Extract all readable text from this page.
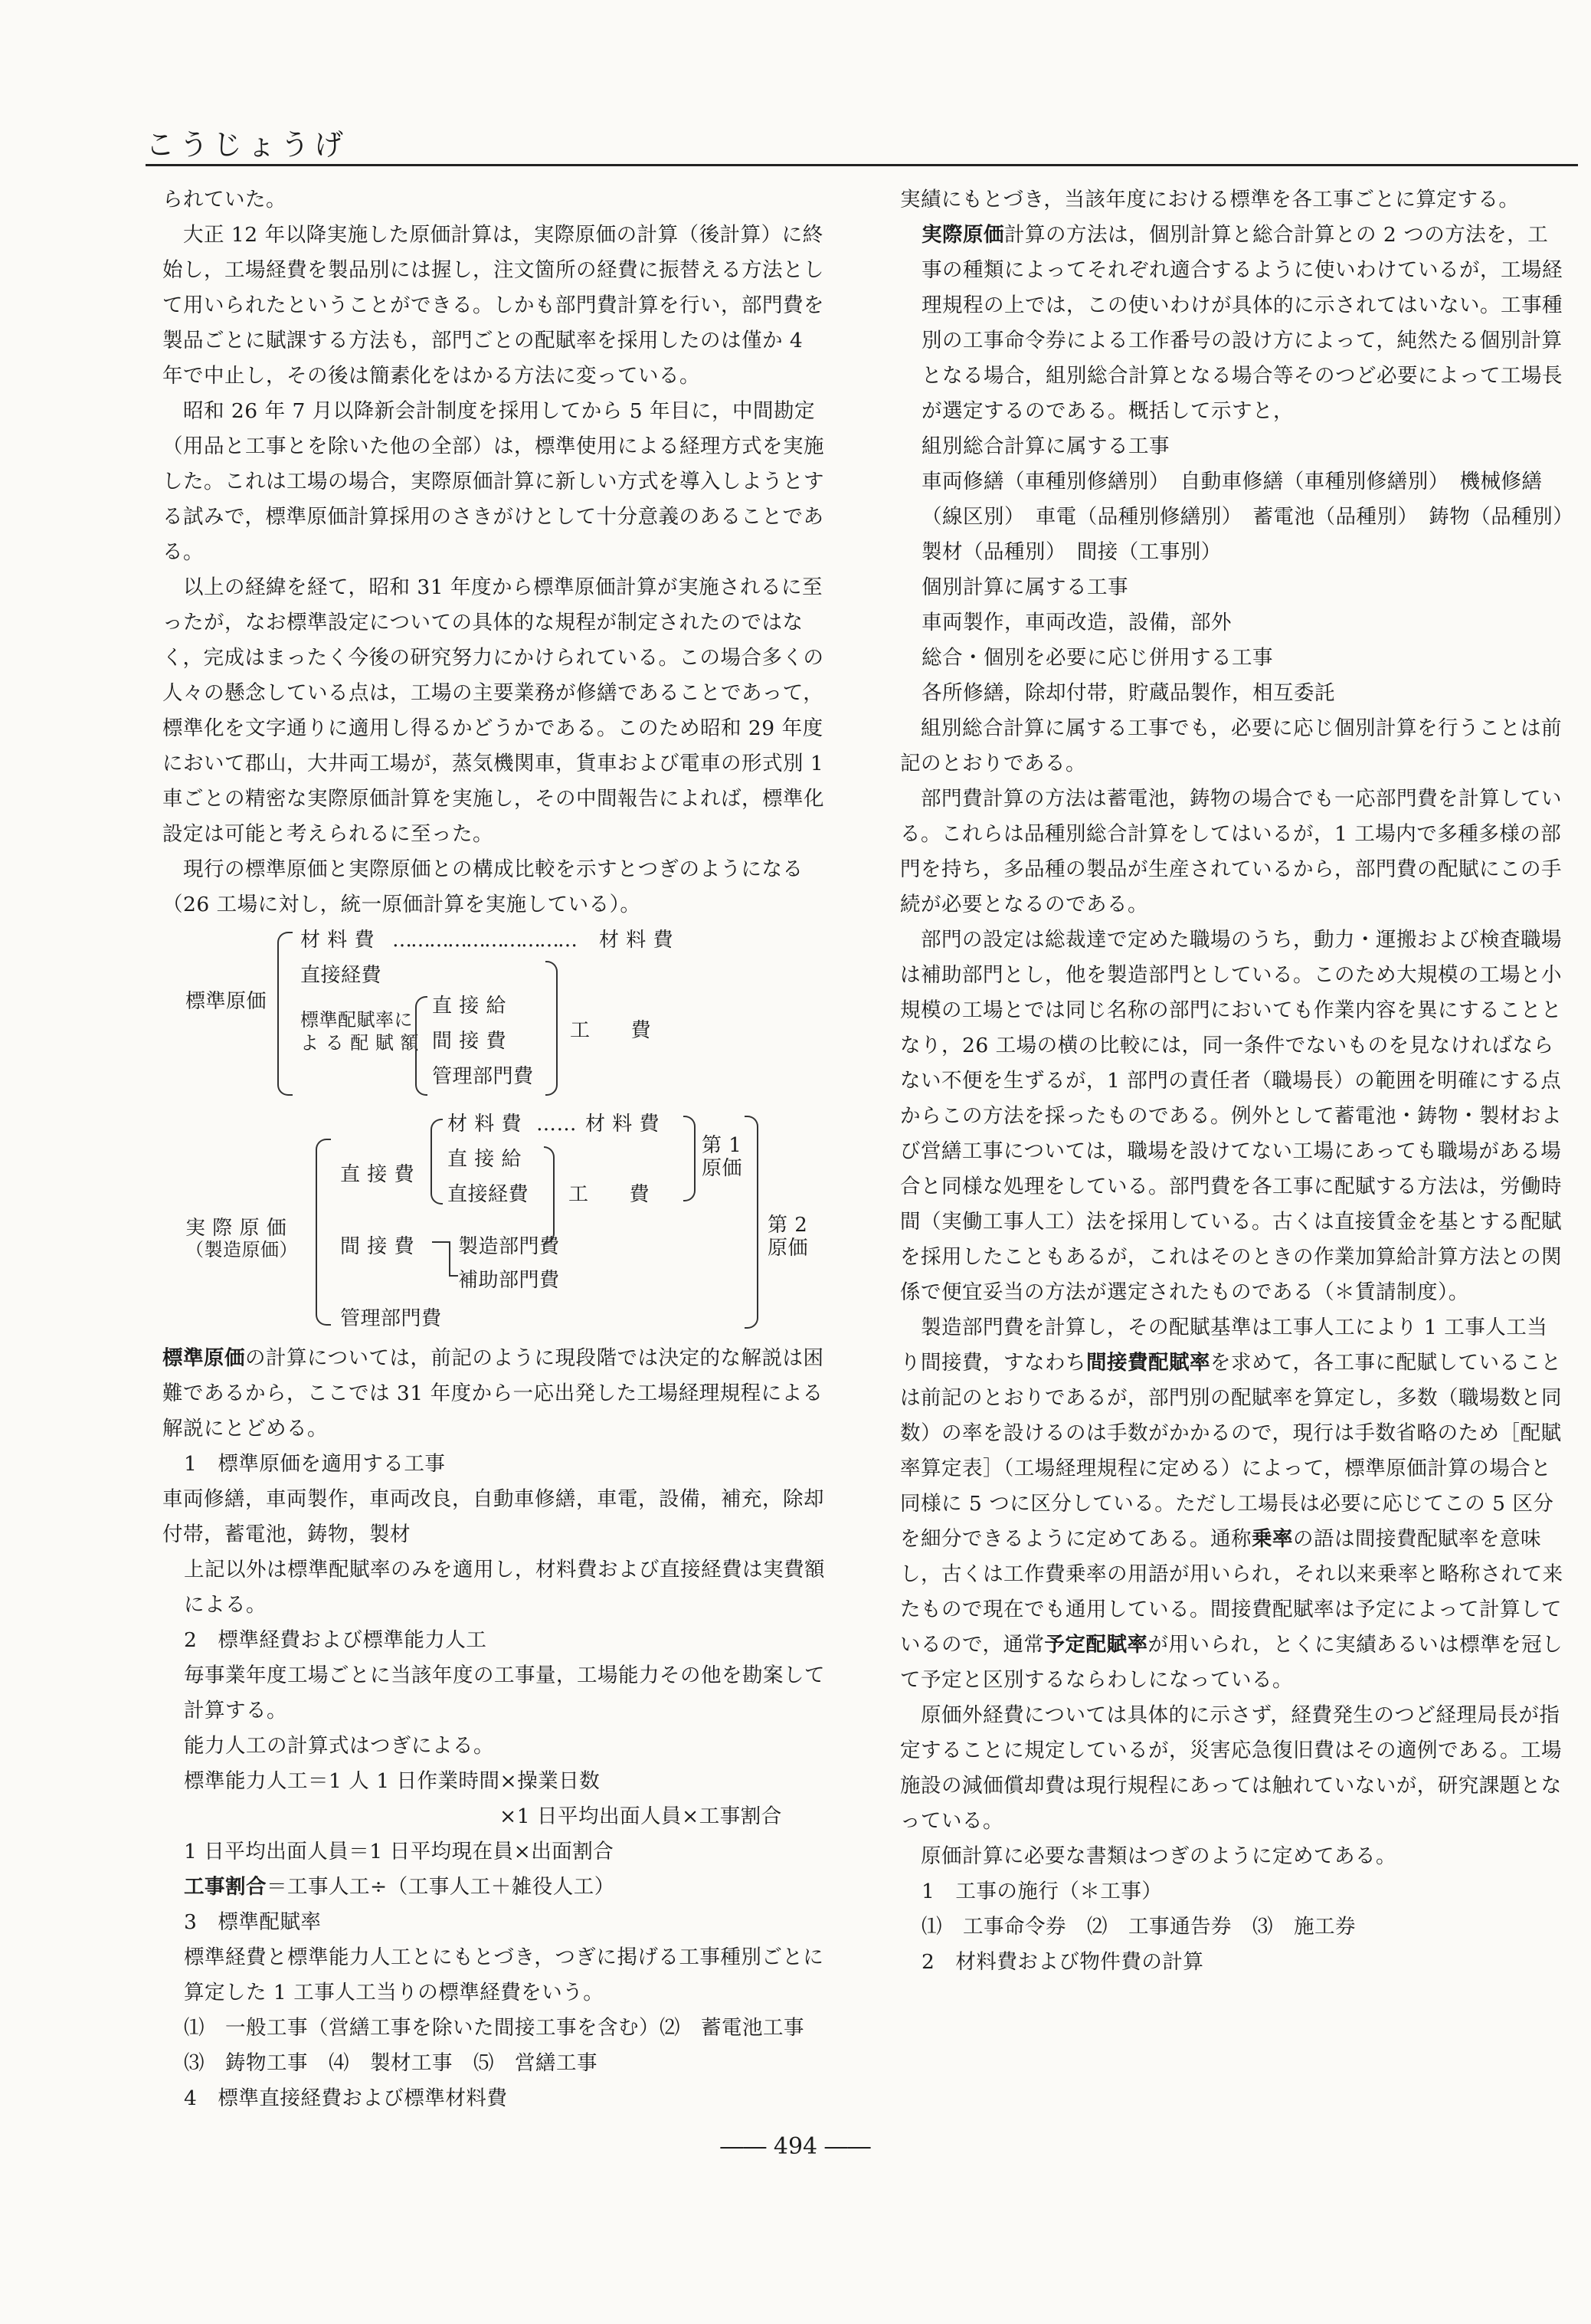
こうじょうげ

られていた。

　大正 12 年以降実施した原価計算は，実際原価の計算（後計算）に終始し，工場経費を製品別には握し，注文箇所の経費に振替える方法として用いられたということができる。しかも部門費計算を行い，部門費を製品ごとに賦課する方法も，部門ごとの配賦率を採用したのは僅か 4 年で中止し，その後は簡素化をはかる方法に変っている。

　昭和 26 年 7 月以降新会計制度を採用してから 5 年目に，中間勘定（用品と工事とを除いた他の全部）は，標準使用による経理方式を実施した。これは工場の場合，実際原価計算に新しい方式を導入しようとする試みで，標準原価計算採用のさきがけとして十分意義のあることである。

　以上の経緯を経て，昭和 31 年度から標準原価計算が実施されるに至ったが，なお標準設定についての具体的な規程が制定されたのではなく，完成はまったく今後の研究努力にかけられている。この場合多くの人々の懸念している点は，工場の主要業務が修繕であることであって，標準化を文字通りに適用し得るかどうかである。このため昭和 29 年度において郡山，大井両工場が，蒸気機関車，貨車および電車の形式別 1 車ごとの精密な実際原価計算を実施し，その中間報告によれば，標準化設定は可能と考えられるに至った。

　現行の標準原価と実際原価との構成比較を示すとつぎのようになる（26 工場に対し，統一原価計算を実施している）。

標準原価
材 料 費 ………………………… 材 料 費
直接経費
標準配賦率に
よ る 配 賦 額
直 接 給
間 接 費
管理部門費
工　　費
実 際 原 価
（製造原価）
直 接 費
材 料 費 …… 材 料 費
直 接 給
直接経費 工　　費
第 1
原価
間 接 費 製造部門費
補助部門費
管理部門費
第 2
原価

標準原価の計算については，前記のように現段階では決定的な解説は困難であるから，ここでは 31 年度から一応出発した工場経理規程による解説にとどめる。

1　標準原価を適用する工事

車両修繕，車両製作，車両改良，自動車修繕，車電，設備，補充，除却付帯，蓄電池，鋳物，製材

上記以外は標準配賦率のみを適用し，材料費および直接経費は実費額による。

2　標準経費および標準能力人工

毎事業年度工場ごとに当該年度の工事量，工場能力その他を勘案して計算する。

能力人工の計算式はつぎによる。

標準能力人工＝1 人 1 日作業時間×操業日数

×1 日平均出面人員×工事割合

1 日平均出面人員＝1 日平均現在員×出面割合

工事割合＝工事人工÷（工事人工＋雑役人工）

3　標準配賦率

標準経費と標準能力人工とにもとづき，つぎに掲げる工事種別ごとに算定した 1 工事人工当りの標準経費をいう。

⑴　一般工事（営繕工事を除いた間接工事を含む）⑵　蓄電池工事　⑶　鋳物工事　⑷　製材工事　⑸　営繕工事

4　標準直接経費および標準材料費

実績にもとづき，当該年度における標準を各工事ごとに算定する。

実際原価計算の方法は，個別計算と総合計算との 2 つの方法を，工事の種類によってそれぞれ適合するように使いわけているが，工場経理規程の上では，この使いわけが具体的に示されてはいない。工事種別の工事命令券による工作番号の設け方によって，純然たる個別計算となる場合，組別総合計算となる場合等そのつど必要によって工場長が選定するのである。概括して示すと，

組別総合計算に属する工事

車両修繕（車種別修繕別）　自動車修繕（車種別修繕別）　機械修繕（線区別）　車電（品種別修繕別）　蓄電池（品種別）　鋳物（品種別）　製材（品種別）　間接（工事別）

個別計算に属する工事

車両製作，車両改造，設備，部外

総合・個別を必要に応じ併用する工事

各所修繕，除却付帯，貯蔵品製作，相互委託

　組別総合計算に属する工事でも，必要に応じ個別計算を行うことは前記のとおりである。

　部門費計算の方法は蓄電池，鋳物の場合でも一応部門費を計算している。これらは品種別総合計算をしてはいるが，1 工場内で多種多様の部門を持ち，多品種の製品が生産されているから，部門費の配賦にこの手続が必要となるのである。

　部門の設定は総裁達で定めた職場のうち，動力・運搬および検査職場は補助部門とし，他を製造部門としている。このため大規模の工場と小規模の工場とでは同じ名称の部門においても作業内容を異にすることとなり，26 工場の横の比較には，同一条件でないものを見なければならない不便を生ずるが，1 部門の責任者（職場長）の範囲を明確にする点からこの方法を採ったものである。例外として蓄電池・鋳物・製材および営繕工事については，職場を設けてない工場にあっても職場がある場合と同様な処理をしている。部門費を各工事に配賦する方法は，労働時間（実働工事人工）法を採用している。古くは直接賃金を基とする配賦を採用したこともあるが，これはそのときの作業加算給計算方法との関係で便宜妥当の方法が選定されたものである（＊賃請制度）。

　製造部門費を計算し，その配賦基準は工事人工により 1 工事人工当り間接費，すなわち間接費配賦率を求めて，各工事に配賦していることは前記のとおりであるが，部門別の配賦率を算定し，多数（職場数と同数）の率を設けるのは手数がかかるので，現行は手数省略のため［配賦率算定表］（工場経理規程に定める）によって，標準原価計算の場合と同様に 5 つに区分している。ただし工場長は必要に応じてこの 5 区分を細分できるように定めてある。通称乗率の語は間接費配賦率を意味し，古くは工作費乗率の用語が用いられ，それ以来乗率と略称されて来たもので現在でも通用している。間接費配賦率は予定によって計算しているので，通常予定配賦率が用いられ，とくに実績あるいは標準を冠して予定と区別するならわしになっている。

　原価外経費については具体的に示さず，経費発生のつど経理局長が指定することに規定しているが，災害応急復旧費はその適例である。工場施設の減価償却費は現行規程にあっては触れていないが，研究課題となっている。

　原価計算に必要な書類はつぎのように定めてある。

1　工事の施行（＊工事）

⑴　工事命令券　⑵　工事通告券　⑶　施工券

2　材料費および物件費の計算

―― 494 ――
